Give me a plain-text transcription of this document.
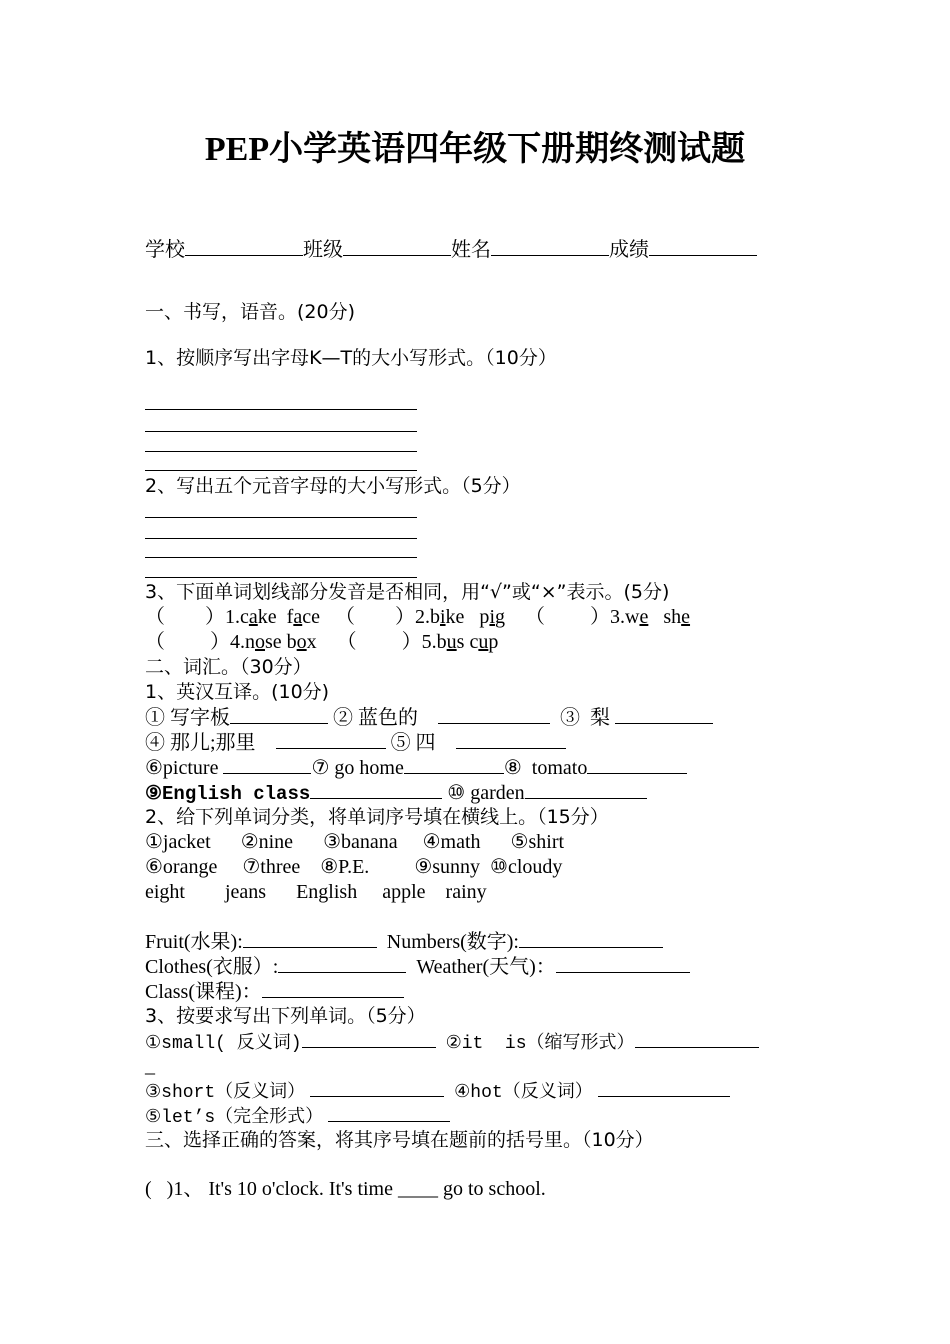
PEP小学英语四年级下册期终测试题
学校	班级	姓名	成绩
一、书写，语音。(20分)
1、按顺序写出字母K—T的大小写形式。（10分）
2、写出五个元音字母的大小写形式。（5分）
3、下面单词划线部分发音是否相同，用“√”或“×”表示。(5分)
（ ）1.cake  face （ ）2.bike   pig （ ）3.we   she
（ ）4.nose box （ ）5.bus cup
二、词汇。（30分）
1、英汉互译。(10分)
① 写字板	② 蓝色的	③  梨
④ 那儿;那里	⑤ 四
⑥picture	⑦ go home	⑧  tomato
⑨English class	⑩ garden
2、给下列单词分类，将单词序号填在横线上。（15分）
①jacket ②nine ③banana ④math ⑤shirt
⑥orange ⑦three ⑧P.E. ⑨sunny ⑩cloudy
eight jeans English apple rainy
Fruit(水果):	Numbers(数字):
Clothes(衣服）:	Weather(天气)：
Class(课程)：
3、按要求写出下列单词。（5分）
①small( 反义词)	②it  is（缩写形式）
_
③short（反义词）	④hot（反义词）
⑤let’s（完全形式）
三、选择正确的答案，将其序号填在题前的括号里。（10分）
(   )1、 It's 10 o'clock. It's time ____ go to school.
